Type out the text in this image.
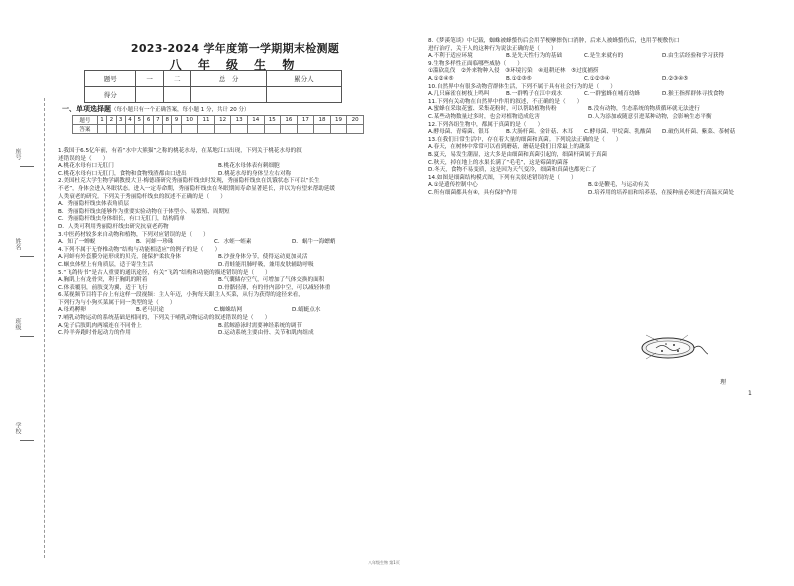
座号
姓名
班级
学校
2023-2024 学年度第一学期期末检测题
八 年 级 生 物
题号	一	二	总　分	累分人
得分				
一、单项选择题（每小题只有一个正确答案，每小题 1 分，共计 20 分）
题号	1	2	3	4	5	6	7	8	9	10	11	12	13	14	15	16	17	18	19	20
答案																				

1.我国于6.5亿年前，有着“水中大熊猫”之称的桃花水母，在某地江口出现，下列关于桃花水母的叙

述错误的是（　　）

A.桃花水母有口无肛门	B.桃花水母体表有刺细胞

C.桃花水母有口无肛门，食物和食物残渣都由口进出	D.桃花水母的身体呈左右对称

2.美国杜克大学生物学副教授大卫·梅德谨研究秀丽隐杆线虫时发现，秀丽隐杆线虫在饥饿状态下可以“长生

不老”，身体会进入冬眠状态。进入一定寿命期，秀丽隐杆线虫在冬眠期间寿命显著延长，并以为有望来帮助延缓

人类衰老的研究。下列关于秀丽隐杆线虫的叙述不正确的是（　　）

A．秀丽隐杆线虫体表角质层

B．秀丽隐杆线虫能够作为重要实验动物在于体型小、易繁殖、周期短

C．秀丽隐杆线虫身体细长，有口无肛门，结构简单

D．人类可利用秀丽隐杆线虫研究抗衰老药物

3.中医药材较多来自动物和植物，下列对应错误的是（　　）

A．知了一蝉蜕	B．河蚌一珍珠	C．水蛭一蛭素	D．蜗牛一海螵蛸

4.下列不属于无脊椎动物“结构与功能相适应”的例子的是（　　）

A.河蚌有外套膜分泌形成的贝壳，能保护柔软身体	B.沙蚕身体分节，使得运动更加灵活

C.蛔虫体壁上有角质层，适于寄生生活	D.青蛙能用肺呼吸，兼用皮肤辅助呼吸

5.“飞鸽传书”是古人重要的通讯途径，有关“飞鸽”结构和功能的描述错误的是（　　）

A.胸肌上有龙骨突，利于胸肌的附着	B.气囊储存空气，可增加了气体交换的面积

C.体表覆羽，前肢变为翼，适于飞行	D.骨骼轻薄，有的骨内部中空，可以减轻体重

6.某视频节目将手台上有这样一段视频：主人年迈，小狗每天跟主人买菜，从行为获得的途径来看，

下列行为与小狗买菜属于同一类型的是（　　）

A.母鸡孵卵	B.老马识途	C.蜘蛛结网	D.蜻蜓点水

7.哺乳动物运动的系统基础是相同的，下列关于哺乳动物运动的叙述错误的是（　　）

A.兔子后肢肌肉两端连在不同骨上	B.蓝鲸游泳时需要神经系统的调节

C.羚羊奔跑时骨起动力的作用	D.运动系统主要由骨、关节和肌肉组成

8.《梦溪笔谈》中记载，蜘蛛被蜂螫伤后会用芋梗摩擦伤口消肿，后来人被蜂螫伤后，也用芋梗敷伤口

进行治疗，关于人的这种行为说法正确的是（　　）

A.不利于适应环境	B.是先天性行为的基础	C.是生来就有的	D.由生活经验和学习获得

9.生物多样性正面临哪些威胁（　　）

①滥砍乱伐　②外来物种入侵　③环境污染　④退耕还林　⑤过度捕捞

A.①②④⑤	B.①②③⑤	C.①②③④	D.②③④⑤

10.自然界中有很多动物营群体生活，下列不属于具有社会行为的是（　　）

A.几只麻雀在树枝上鸣叫	B.一群鸭子在江中戏水	C.一群蜜蜂在哺育幼蜂	D.猴王指挥群体寻找食物

11.下列有关动物在自然界中作用的叙述，不正确的是（　　）

A.蜜蜂在采取花蜜、采集花粉时，可以帮助植物传粉	B.没有动物，生态系统的物质循环就无法进行

C.某些动物数量过多时，也会对植物造成危害	D.人为添加或随意引进某种动物，会影响生态平衡

12.下列各组生物中，都属于真菌的是（　　）

A.酵母菌、青霉菌、银耳	B.大肠杆菌、金针菇、木耳	C.酵母菌、甲烷菌、乳酸菌	D.破伤风杆菌、紫菜、茶树菇

13.在我们日常生活中，存在着大量的细菌和真菌。下列说法正确的是（　　）

A.春天，在树林中常常可以看到蘑菇，蘑菇是我们日常最上的蔬菜

B.夏天，易发生潮湿，这大多是由细菌和真菌引起的，细菌杆菌属于真菌

C.秋天，掉在地上的水果长满了“毛毛”，这是霉菌的菌落

D.冬天，食物不易变质，这是因为天气变冷，细菌和真菌也都死亡了

14.如图是细菌结构模式图，下列有关叙述错误的是（　　）

A.①是遗传控制中心	B.②是鞭毛，与运动有关

C.所有细菌都具有④，具有保护作用	D.培养用的培养皿和培养基，在接种前必须进行高温灭菌处

理
1
八年级生物 第1页
